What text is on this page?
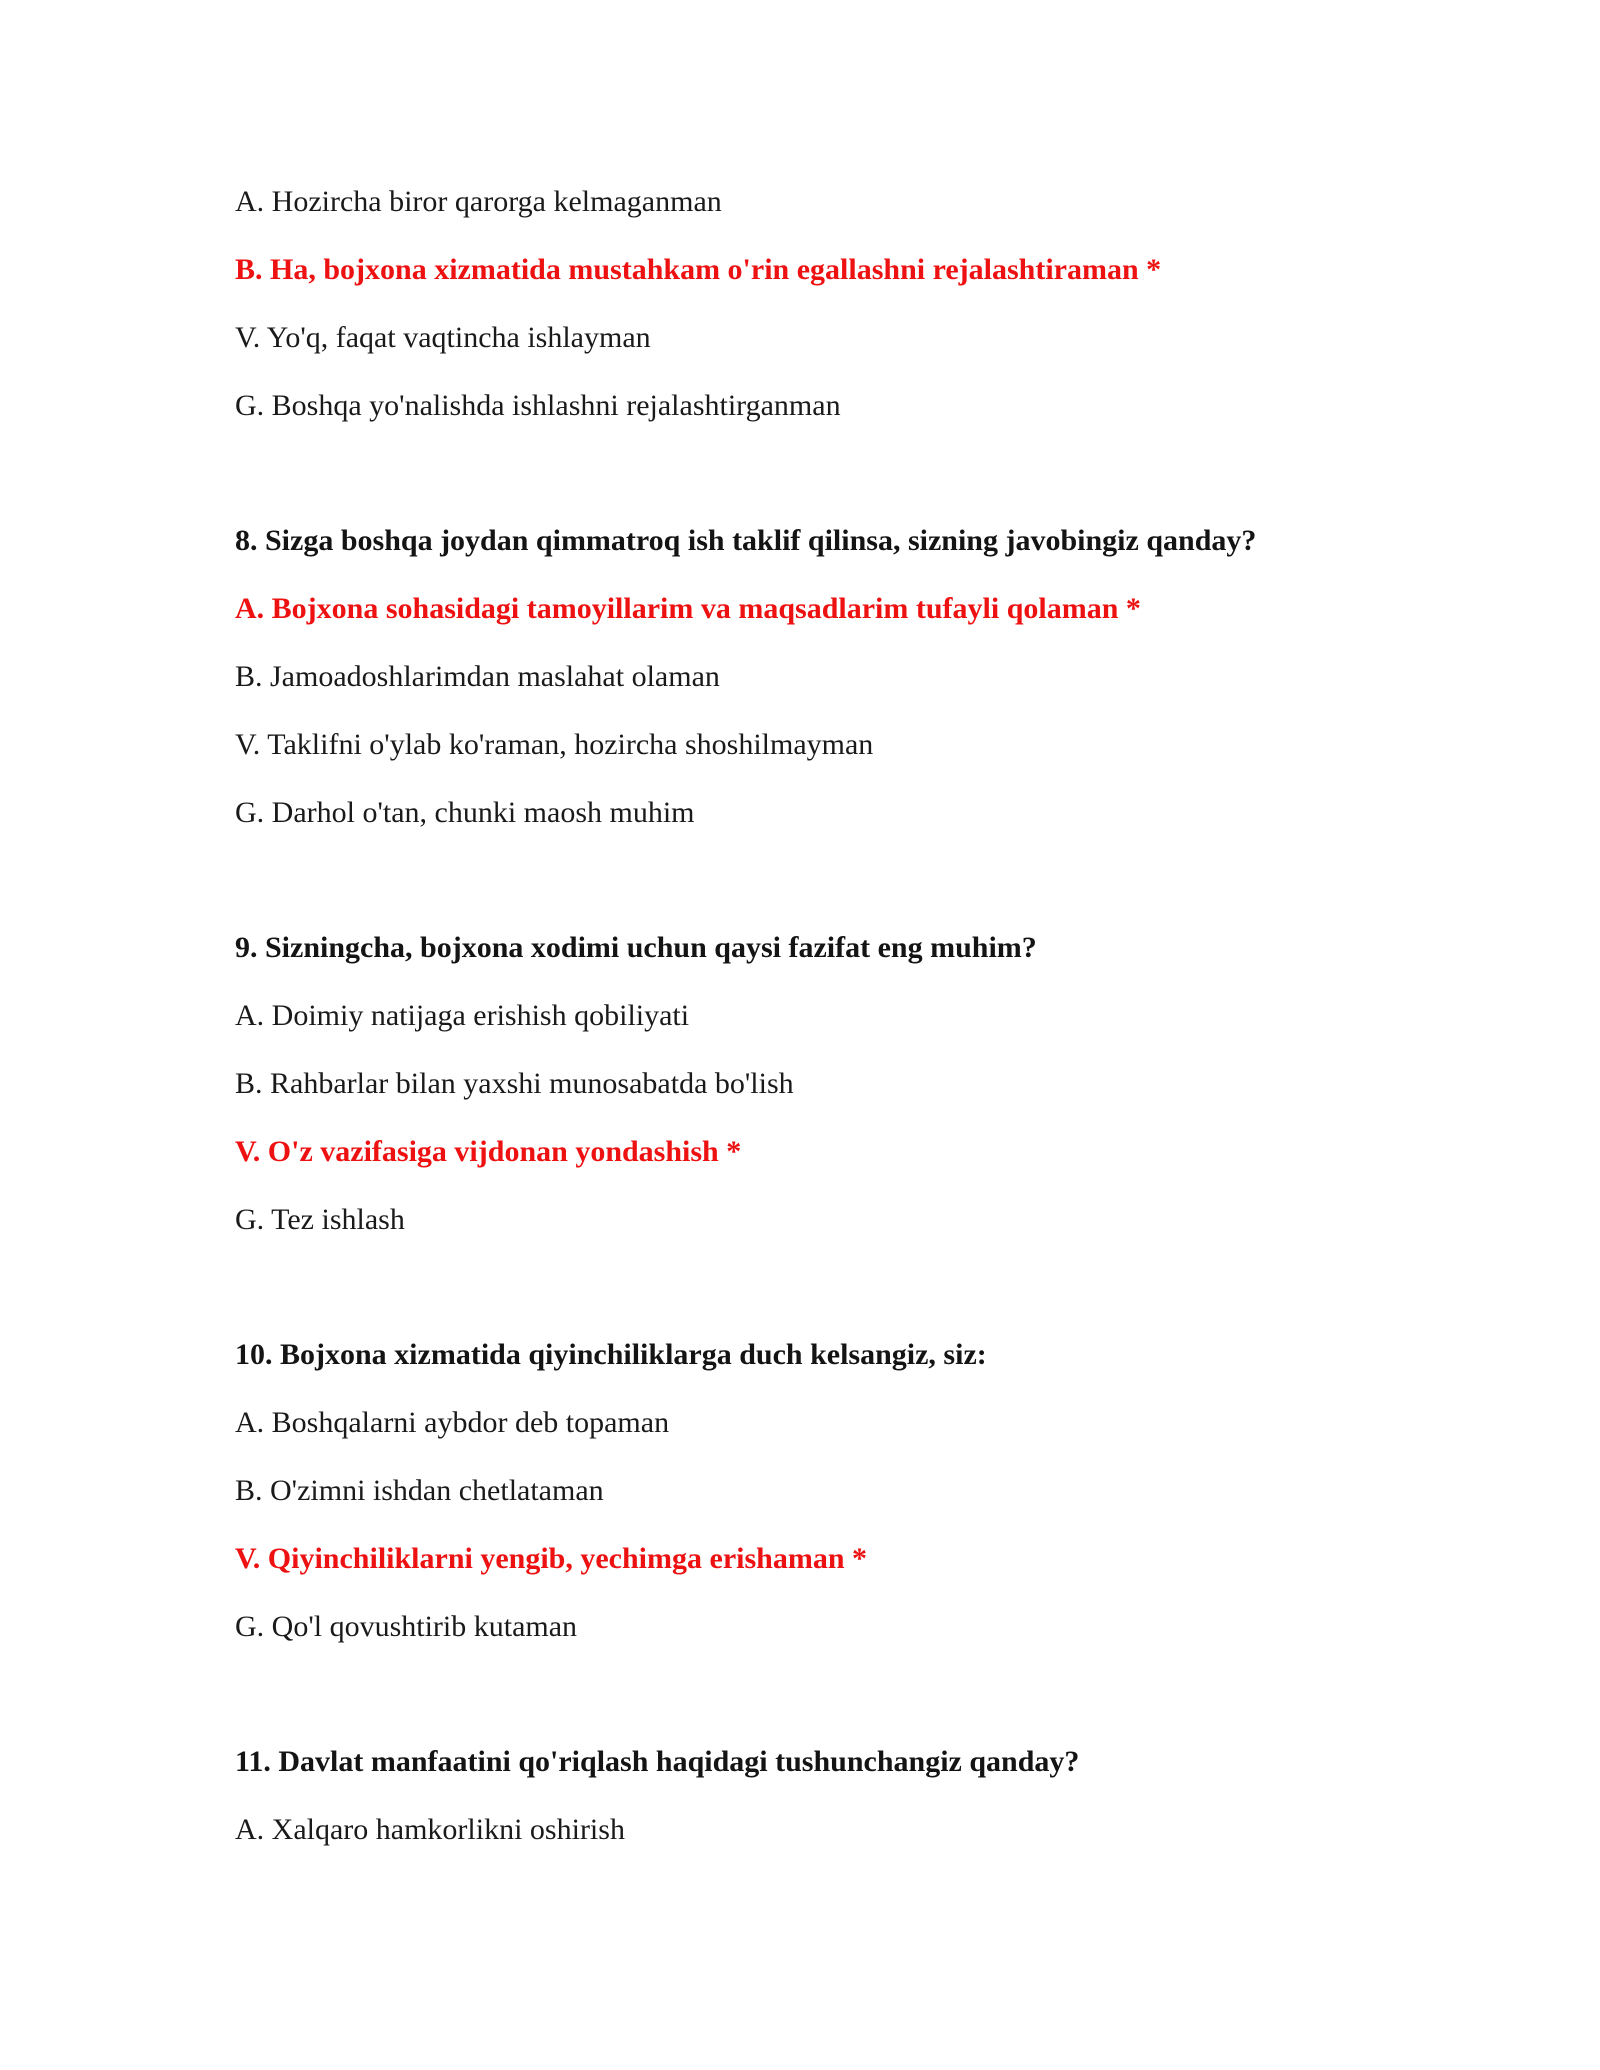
A. Hozircha biror qarorga kelmaganman
B. Ha, bojxona xizmatida mustahkam o'rin egallashni rejalashtiraman *
V. Yo'q, faqat vaqtincha ishlayman
G. Boshqa yo'nalishda ishlashni rejalashtirganman
8. Sizga boshqa joydan qimmatroq ish taklif qilinsa, sizning javobingiz qanday?
A. Bojxona sohasidagi tamoyillarim va maqsadlarim tufayli qolaman *
B. Jamoadoshlarimdan maslahat olaman
V. Taklifni o'ylab ko'raman, hozircha shoshilmayman
G. Darhol o'tan, chunki maosh muhim
9. Sizningcha, bojxona xodimi uchun qaysi fazifat eng muhim?
A. Doimiy natijaga erishish qobiliyati
B. Rahbarlar bilan yaxshi munosabatda bo'lish
V. O'z vazifasiga vijdonan yondashish *
G. Tez ishlash
10. Bojxona xizmatida qiyinchiliklarga duch kelsangiz, siz:
A. Boshqalarni aybdor deb topaman
B. O'zimni ishdan chetlataman
V. Qiyinchiliklarni yengib, yechimga erishaman *
G. Qo'l qovushtirib kutaman
11. Davlat manfaatini qo'riqlash haqidagi tushunchangiz qanday?
A. Xalqaro hamkorlikni oshirish
